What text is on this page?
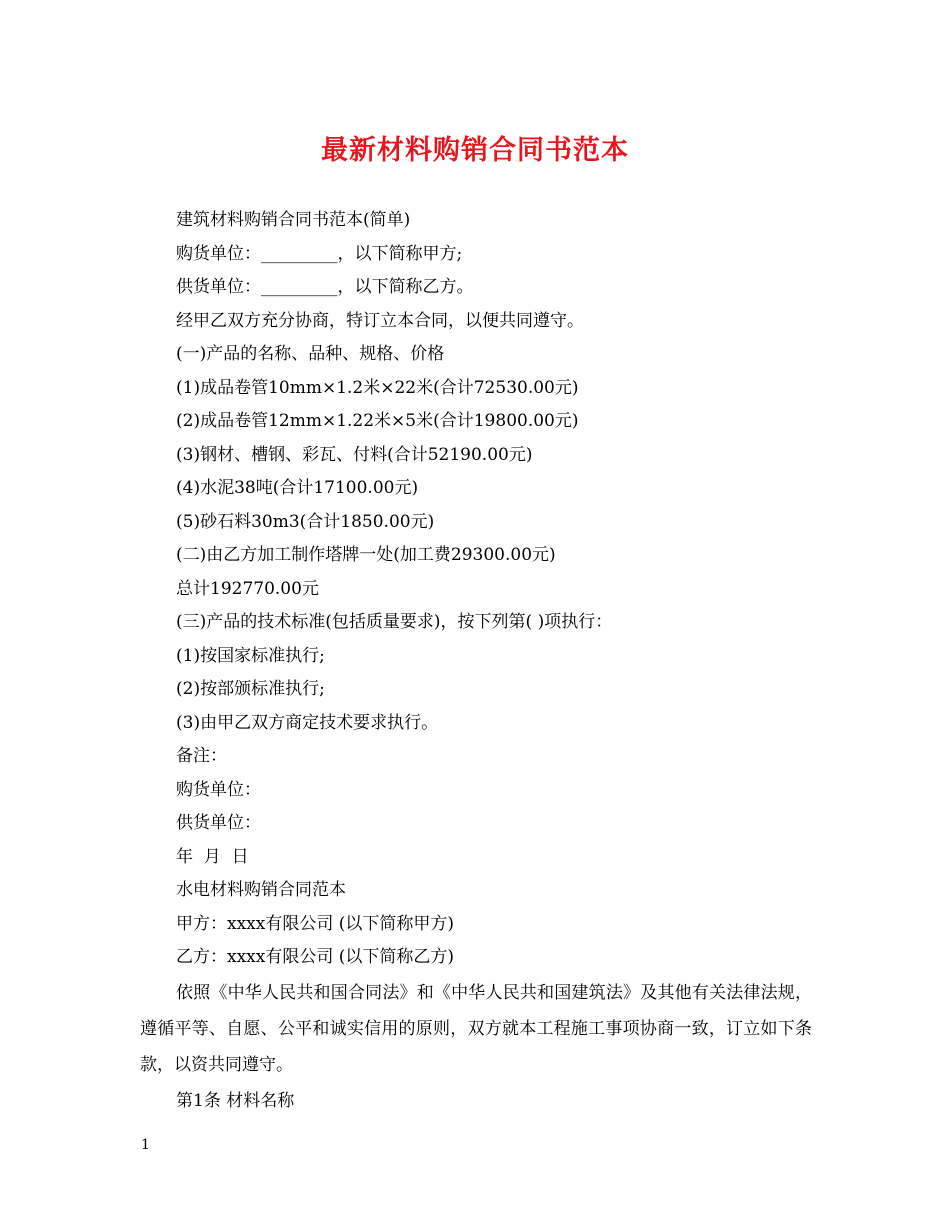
最新材料购销合同书范本

建筑材料购销合同书范本(简单)

购货单位：_________，以下简称甲方;

供货单位：_________，以下简称乙方。

经甲乙双方充分协商，特订立本合同，以便共同遵守。

(一)产品的名称、品种、规格、价格

(1)成品卷管10mm×1.2米×22米(合计72530.00元)

(2)成品卷管12mm×1.22米×5米(合计19800.00元)

(3)钢材、槽钢、彩瓦、付料(合计52190.00元)

(4)水泥38吨(合计17100.00元)

(5)砂石料30m3(合计1850.00元)

(二)由乙方加工制作塔牌一处(加工费29300.00元)

总计192770.00元

(三)产品的技术标准(包括质量要求)，按下列第( )项执行：

(1)按国家标准执行;

(2)按部颁标准执行;

(3)由甲乙双方商定技术要求执行。

备注：

购货单位：

供货单位：

年  月  日

水电材料购销合同范本

甲方：xxxx有限公司 (以下简称甲方)

乙方：xxxx有限公司 (以下简称乙方)

依照《中华人民共和国合同法》和《中华人民共和国建筑法》及其他有关法律法规，遵循平等、自愿、公平和诚实信用的原则，双方就本工程施工事项协商一致，订立如下条款，以资共同遵守。

第1条 材料名称

1
